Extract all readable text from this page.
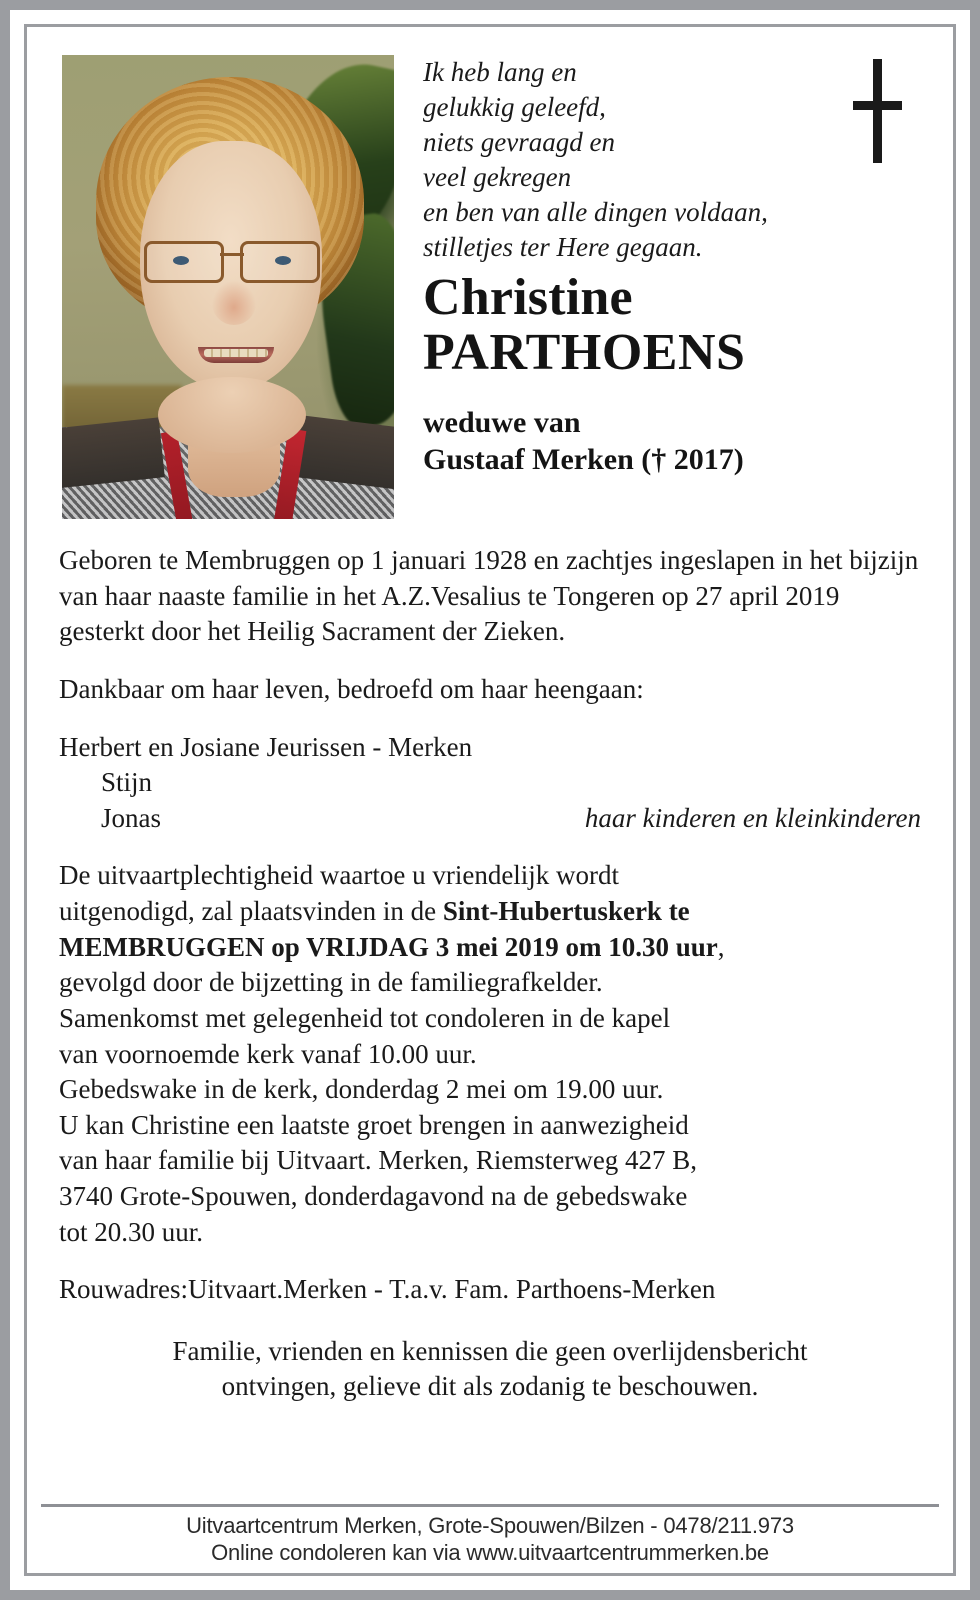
Ik heb lang en
gelukkig geleefd,
niets gevraagd en
veel gekregen
en ben van alle dingen voldaan,
stilletjes ter Here gegaan.
Christine
PARTHOENS
weduwe van
Gustaaf Merken († 2017)

Geboren te Membruggen op 1 januari 1928 en zachtjes ingeslapen in het bijzijn van haar naaste familie in het A.Z.Vesalius te Tongeren op 27 april 2019 gesterkt door het Heilig Sacrament der Zieken.

Dankbaar om haar leven, bedroefd om haar heengaan:

Herbert en Josiane Jeurissen - Merken

Stijn

Jonas	haar kinderen en kleinkinderen

De uitvaartplechtigheid waartoe u vriendelijk wordt

uitgenodigd, zal plaatsvinden in de Sint-Hubertuskerk te

MEMBRUGGEN op VRIJDAG 3 mei 2019 om 10.30 uur,

gevolgd door de bijzetting in de familiegrafkelder.

Samenkomst met gelegenheid tot condoleren in de kapel

van voornoemde kerk vanaf 10.00 uur.

Gebedswake in de kerk, donderdag 2 mei om 19.00 uur.

U kan Christine een laatste groet brengen in aanwezigheid

van haar familie bij Uitvaart. Merken, Riemsterweg 427 B,

3740 Grote-Spouwen, donderdagavond na de gebedswake

tot 20.30 uur.

Rouwadres:Uitvaart.Merken - T.a.v. Fam. Parthoens-Merken

Familie, vrienden en kennissen die geen overlijdensbericht
ontvingen, gelieve dit als zodanig te beschouwen.
Uitvaartcentrum Merken, Grote-Spouwen/Bilzen - 0478/211.973
Online condoleren kan via www.uitvaartcentrummerken.be
